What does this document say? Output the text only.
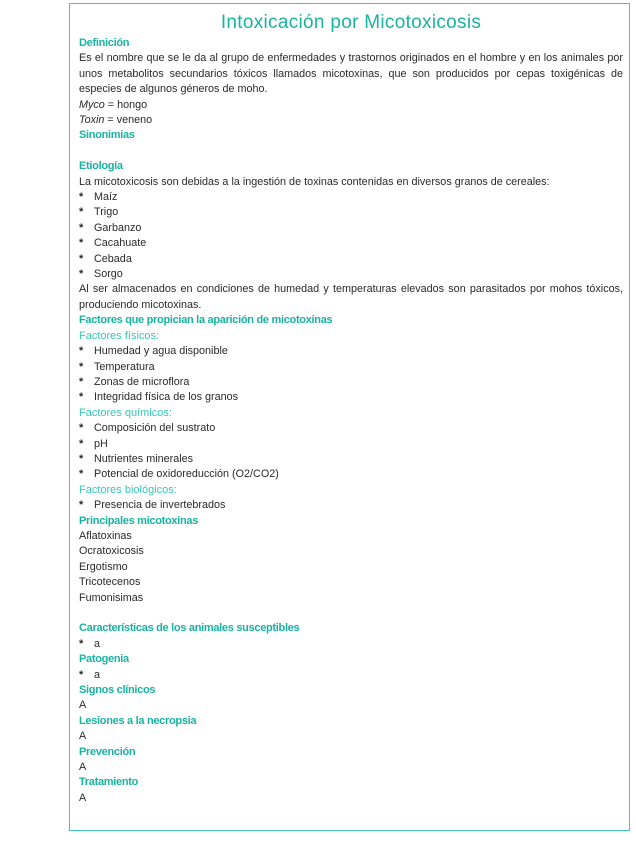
Intoxicación por Micotoxicosis

Definición

Es el nombre que se le da al grupo de enfermedades y trastornos originados en el hombre y en los animales por unos metabolitos secundarios tóxicos llamados micotoxinas, que son producidos por cepas toxigénicas de especies de algunos géneros de moho.

Myco = hongo

Toxin = veneno

Sinonimias

Etiología

La micotoxicosis son debidas a la ingestión de toxinas contenidas en diversos granos de cereales:

* Maíz
* Trigo
* Garbanzo
* Cacahuate
* Cebada
* Sorgo

Al ser almacenados en condiciones de humedad y temperaturas elevados son parasitados por mohos tóxicos, produciendo micotoxinas.

Factores que propician la aparición de micotoxinas

Factores físicos:

* Humedad y agua disponible
* Temperatura
* Zonas de microflora
* Integridad física de los granos

Factores químicos:

* Composición del sustrato
* pH
* Nutrientes minerales
* Potencial de oxidoreducción (O2/CO2)

Factores biológicos:

* Presencia de invertebrados

Principales micotoxinas

Aflatoxinas

Ocratoxicosis

Ergotismo

Tricotecenos

Fumonisimas

Características de los animales susceptibles

* a

Patogenia

* a

Signos clínicos

A

Lesiones a la necropsia

A

Prevención

A

Tratamiento

A
